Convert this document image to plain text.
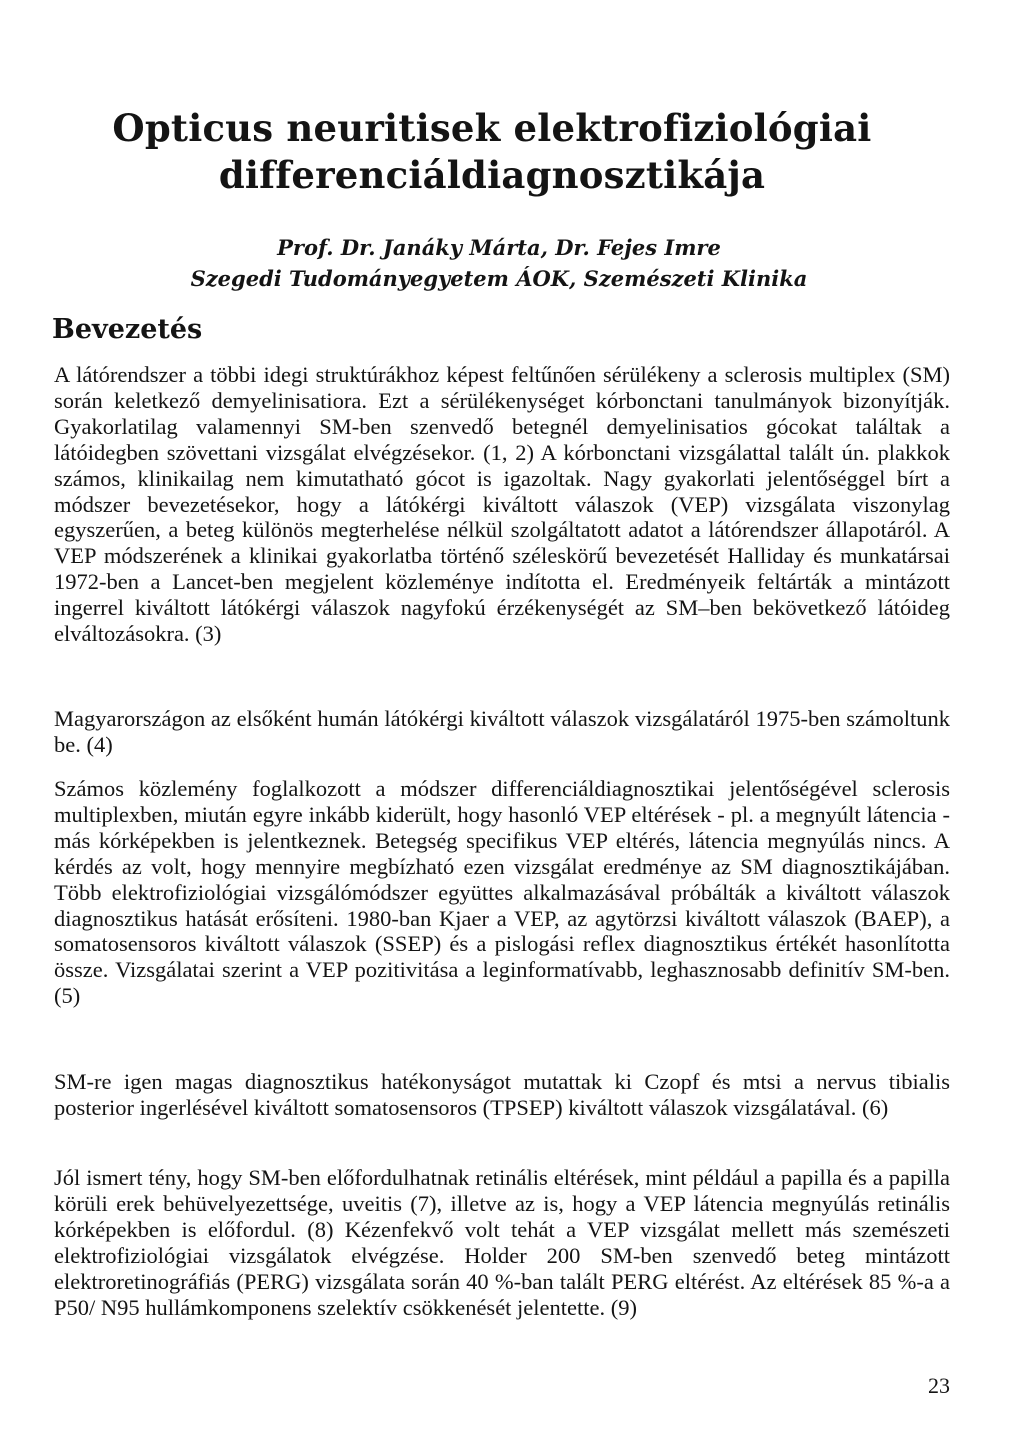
Opticus neuritisek elektrofiziológiai
differenciáldiagnosztikája
Prof. Dr. Janáky Márta, Dr. Fejes Imre
Szegedi Tudományegyetem ÁOK, Szemészeti Klinika
Bevezetés

A látórendszer a többi idegi struktúrákhoz képest feltűnően sérülékeny a sclerosis multiplex (SM) során keletkező demyelinisatiora. Ezt a sérülékenységet kórbonctani tanulmányok bizonyítják. Gyakorlatilag valamennyi SM-ben szenvedő betegnél demyelinisatios gócokat találtak a látóidegben szövettani vizsgálat elvégzésekor. (1, 2) A kórbonctani vizsgálattal talált ún. plakkok számos, klinikailag nem kimutatható gócot is igazoltak. Nagy gyakorlati jelentőséggel bírt a módszer bevezetésekor, hogy a látókérgi kiváltott válaszok (VEP) vizsgálata viszonylag egyszerűen, a beteg különös megterhelése nélkül szolgáltatott adatot a látórendszer állapotáról. A VEP módszerének a klinikai gyakorlatba történő széleskörű bevezetését Halliday és munkatársai 1972-ben a Lancet-ben megjelent közleménye indította el. Eredményeik feltárták a mintázott ingerrel kiváltott látókérgi válaszok nagyfokú érzékenységét az SM–ben bekövetkező látóideg elváltozásokra. (3)

Magyarországon az elsőként humán látókérgi kiváltott válaszok vizsgálatáról 1975-ben számoltunk be. (4)

Számos közlemény foglalkozott a módszer differenciáldiagnosztikai jelentőségével sclerosis multiplexben, miután egyre inkább kiderült, hogy hasonló VEP eltérések - pl. a megnyúlt látencia - más kórképekben is jelentkeznek. Betegség specifikus VEP eltérés, látencia megnyúlás nincs. A kérdés az volt, hogy mennyire megbízható ezen vizsgálat eredménye az SM diagnosztikájában. Több elektrofiziológiai vizsgálómódszer együttes alkalmazásával próbálták a kiváltott válaszok diagnosztikus hatását erősíteni. 1980-ban Kjaer a VEP, az agytörzsi kiváltott válaszok (BAEP), a somatosensoros kiváltott válaszok (SSEP) és a pislogási reflex diagnosztikus értékét hasonlította össze. Vizsgálatai szerint a VEP pozitivitása a leginformatívabb, leghasznosabb definitív SM-ben. (5)

SM-re igen magas diagnosztikus hatékonyságot mutattak ki Czopf és mtsi a nervus tibialis posterior ingerlésével kiváltott somatosensoros (TPSEP) kiváltott válaszok vizsgálatával. (6)

Jól ismert tény, hogy SM-ben előfordulhatnak retinális eltérések, mint például a papilla és a papilla körüli erek behüvelyezettsége, uveitis (7), illetve az is, hogy a VEP látencia megnyúlás retinális kórképekben is előfordul. (8) Kézenfekvő volt tehát a VEP vizsgálat mellett más szemészeti elektrofiziológiai vizsgálatok elvégzése. Holder 200 SM-ben szenvedő beteg mintázott elektroretinográfiás (PERG) vizsgálata során 40 %-ban talált PERG eltérést. Az eltérések 85 %-a a P50/ N95 hullámkomponens szelektív csökkenését jelentette. (9)

23
